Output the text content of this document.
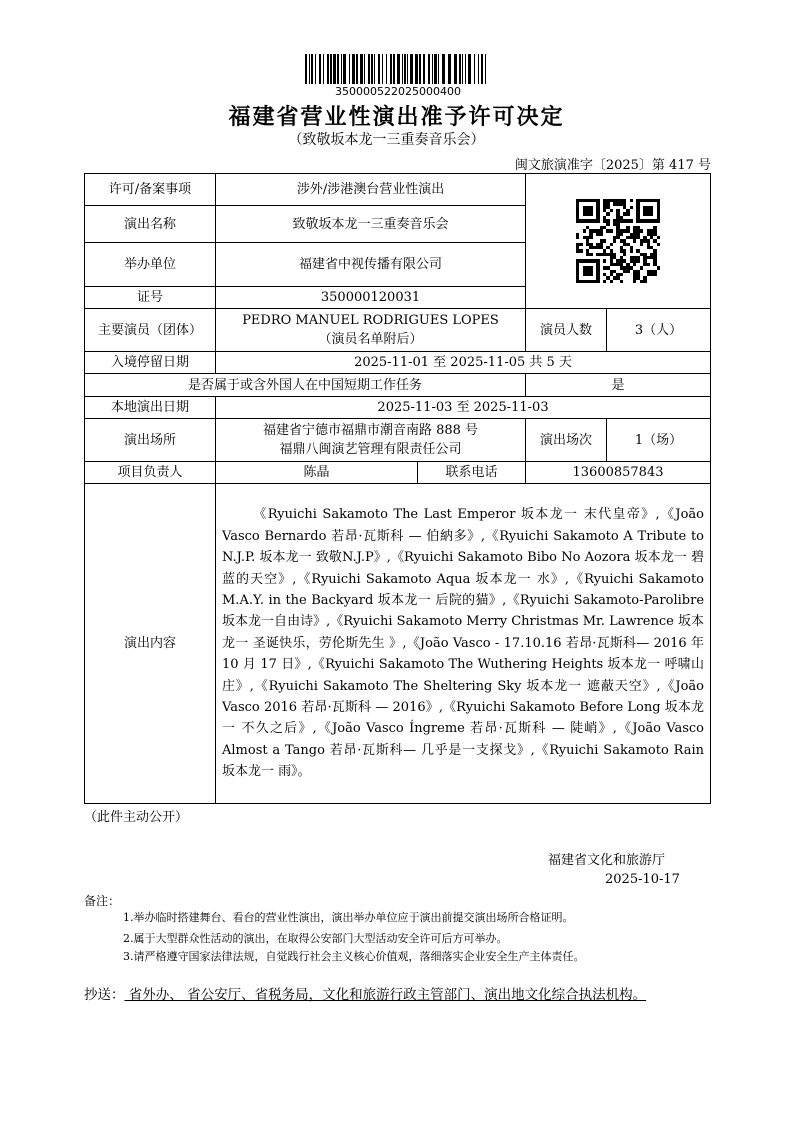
350000522025000400
福建省营业性演出准予许可决定
（致敬坂本龙一三重奏音乐会）
闽文旅演准字〔2025〕第 417 号
许可/备案事项	涉外/涉港澳台营业性演出			

演出名称	致敬坂本龙一三重奏音乐会			
举办单位	福建省中视传播有限公司			
证号	350000120031			
主要演员（团体）	PEDRO MANUEL RODRIGUES LOPES
（演员名单附后）		演员人数	3（人）
入境停留日期	2025-11-01 至 2025-11-05 共 5 天			
是否属于或含外国人在中国短期工作任务			是	
本地演出日期	2025-11-03 至 2025-11-03			
演出场所	福建省宁德市福鼎市潮音南路 888 号
福鼎八闽演艺管理有限责任公司		演出场次	1（场）
项目负责人	陈晶	联系电话	13600857843	
演出内容	《Ryuichi Sakamoto The Last Emperor 坂本龙一 末代皇帝》,《João Vasco Bernardo 若昂·瓦斯科 — 伯納多》,《Ryuichi Sakamoto A Tribute to N.J.P. 坂本龙一 致敬N.J.P》,《Ryuichi Sakamoto Bibo No Aozora 坂本龙一 碧蓝的天空》,《Ryuichi Sakamoto Aqua 坂本龙一 水》,《Ryuichi Sakamoto M.A.Y. in the Backyard 坂本龙一 后院的猫》,《Ryuichi Sakamoto-Parolibre 坂本龙一自由诗》,《Ryuichi Sakamoto Merry Christmas Mr. Lawrence 坂本龙一 圣诞快乐，劳伦斯先生 》,《João Vasco - 17.10.16 若昂·瓦斯科— 2016 年 10 月 17 日》,《Ryuichi Sakamoto The Wuthering Heights 坂本龙一 呼啸山庄》,《Ryuichi Sakamoto The Sheltering Sky 坂本龙一 遮蔽天空》,《João Vasco 2016 若昂·瓦斯科 — 2016》,《Ryuichi Sakamoto Before Long 坂本龙一 不久之后》,《João Vasco Íngreme 若昂·瓦斯科 — 陡峭》,《João Vasco Almost a Tango 若昂·瓦斯科— 几乎是一支探戈》,《Ryuichi Sakamoto Rain 坂本龙一 雨》。			
（此件主动公开）
福建省文化和旅游厅
2025-10-17
备注：
1.举办临时搭建舞台、看台的营业性演出，演出举办单位应于演出前提交演出场所合格证明。
2.属于大型群众性活动的演出，在取得公安部门大型活动安全许可后方可举办。
3.请严格遵守国家法律法规，自觉践行社会主义核心价值观，落细落实企业安全生产主体责任。
抄送： 省外办、 省公安厅、省税务局，文化和旅游行政主管部门、演出地文化综合执法机构。
